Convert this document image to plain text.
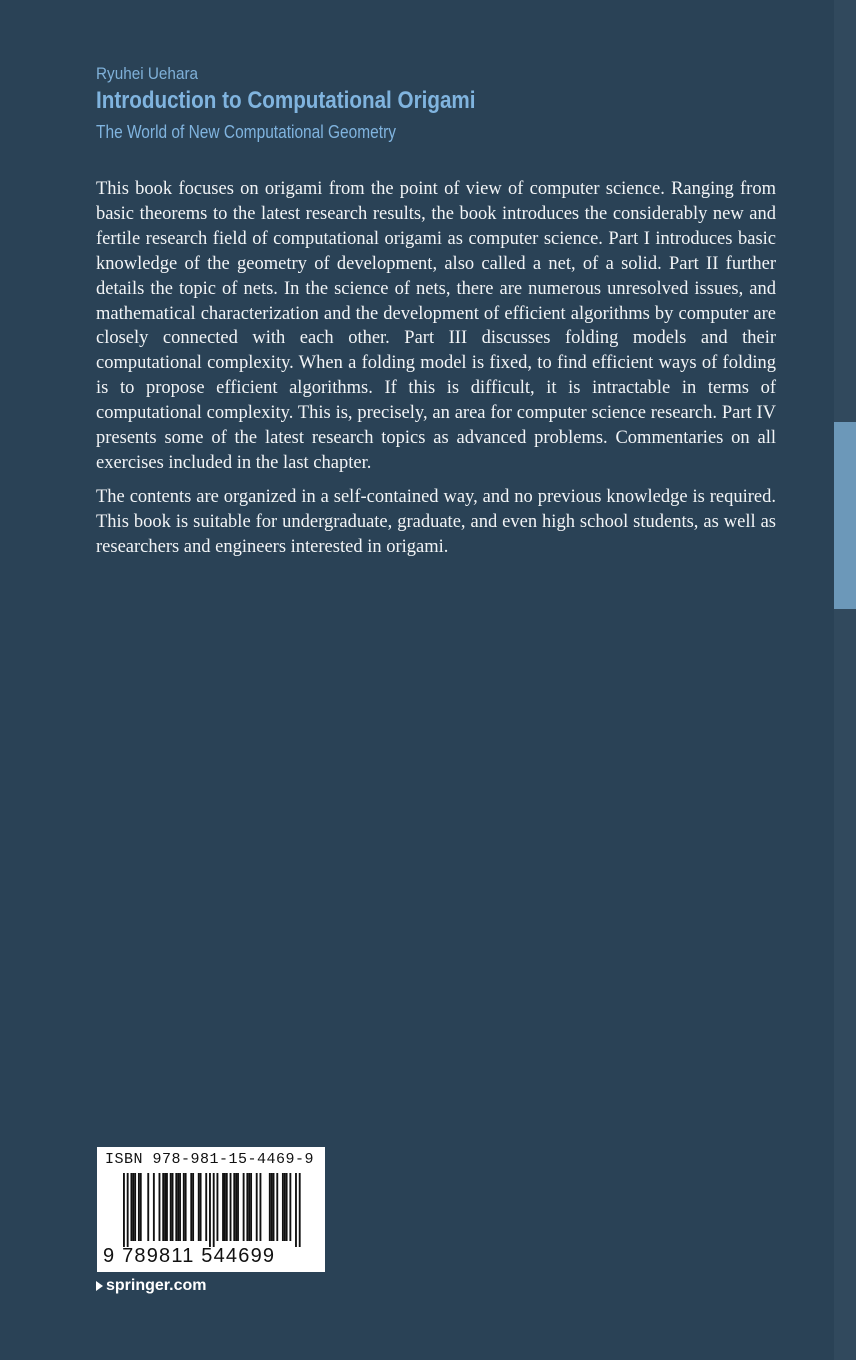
Ryuhei Uehara
Introduction to Computational Origami
The World of New Computational Geometry

This book focuses on origami from the point of view of computer science. Ranging from basic theorems to the latest research results, the book introduces the considerably new and fertile research field of computational origami as computer science. Part I introduces basic knowledge of the geometry of development, also called a net, of a solid. Part II further details the topic of nets. In the science of nets, there are numerous unresolved issues, and mathematical characterization and the development of efficient algorithms by computer are closely connected with each other. Part III discusses folding models and their computational complexity. When a folding model is fixed, to find efficient ways of folding is to propose efficient algorithms. If this is difficult, it is intractable in terms of computational complexity. This is, precisely, an area for computer science research. Part IV presents some of the latest research topics as advanced problems. Commentaries on all exercises included in the last chapter.

The contents are organized in a self-contained way, and no previous knowledge is required. This book is suitable for undergraduate, graduate, and even high school students, as well as researchers and engineers interested in origami.

ISBN 978-981-15-4469-9
9 789811 544699
springer.com
